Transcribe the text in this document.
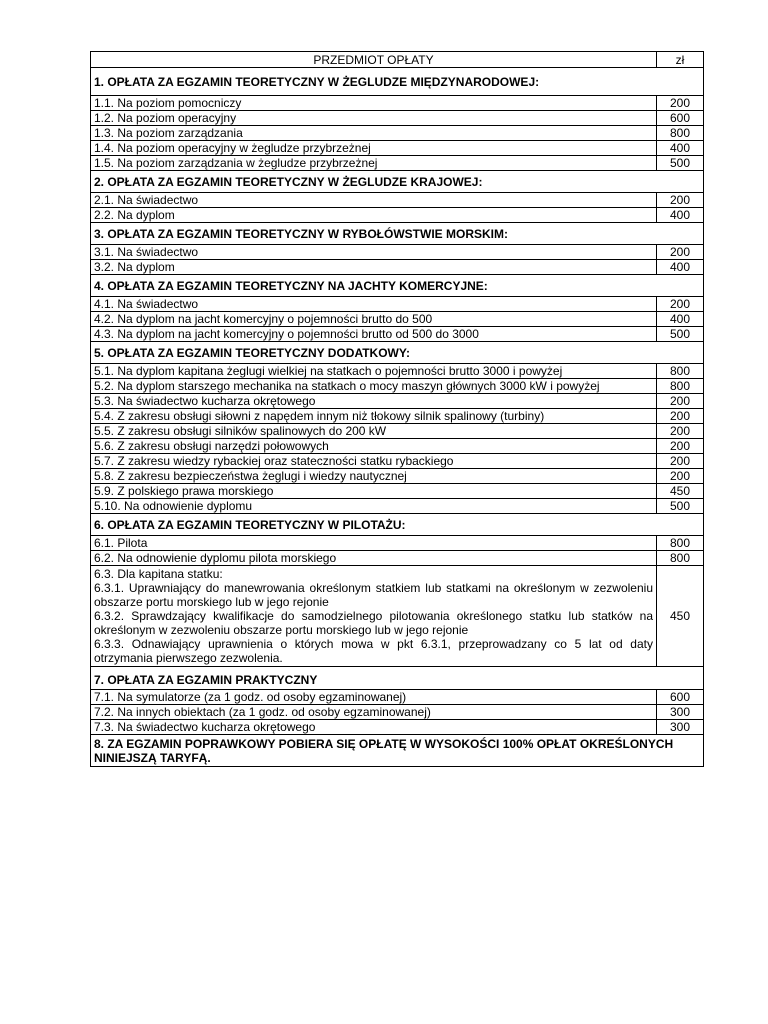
PRZEDMIOT OPŁATY	zł
1. OPŁATA ZA EGZAMIN TEORETYCZNY W ŻEGLUDZE MIĘDZYNARODOWEJ:	
1.1. Na poziom pomocniczy	200
1.2. Na poziom operacyjny	600
1.3. Na poziom zarządzania	800
1.4. Na poziom operacyjny w żegludze przybrzeżnej	400
1.5. Na poziom zarządzania w żegludze przybrzeżnej	500
2. OPŁATA ZA EGZAMIN TEORETYCZNY W ŻEGLUDZE KRAJOWEJ:	
2.1. Na świadectwo	200
2.2. Na dyplom	400
3. OPŁATA ZA EGZAMIN TEORETYCZNY W RYBOŁÓWSTWIE MORSKIM:	
3.1. Na świadectwo	200
3.2. Na dyplom	400
4. OPŁATA ZA EGZAMIN TEORETYCZNY NA JACHTY KOMERCYJNE:	
4.1. Na świadectwo	200
4.2. Na dyplom na jacht komercyjny o pojemności brutto do 500	400
4.3. Na dyplom na jacht komercyjny o pojemności brutto od 500 do 3000	500
5. OPŁATA ZA EGZAMIN TEORETYCZNY DODATKOWY:	
5.1. Na dyplom kapitana żeglugi wielkiej na statkach o pojemności brutto 3000 i powyżej	800
5.2. Na dyplom starszego mechanika na statkach o mocy maszyn głównych 3000 kW i powyżej	800
5.3. Na świadectwo kucharza okrętowego	200
5.4. Z zakresu obsługi siłowni z napędem innym niż tłokowy silnik spalinowy (turbiny)	200
5.5. Z zakresu obsługi silników spalinowych do 200 kW	200
5.6. Z zakresu obsługi narzędzi połowowych	200
5.7. Z zakresu wiedzy rybackiej oraz stateczności statku rybackiego	200
5.8. Z zakresu bezpieczeństwa żeglugi i wiedzy nautycznej	200
5.9. Z polskiego prawa morskiego	450
5.10. Na odnowienie dyplomu	500
6. OPŁATA ZA EGZAMIN TEORETYCZNY W PILOTAŻU:	
6.1. Pilota	800
6.2. Na odnowienie dyplomu pilota morskiego	800

6.3. Dla kapitana statku:
6.3.1. Uprawniający do manewrowania określonym statkiem lub statkami na określonym w zezwoleniu obszarze portu morskiego lub w jego rejonie
6.3.2. Sprawdzający kwalifikacje do samodzielnego pilotowania określonego statku lub statków na określonym w zezwoleniu obszarze portu morskiego lub w jego rejonie
6.3.3. Odnawiający uprawnienia o których mowa w pkt 6.3.1, przeprowadzany co 5 lat od daty otrzymania pierwszego zezwolenia.	450
7. OPŁATA ZA EGZAMIN PRAKTYCZNY	
7.1. Na symulatorze (za 1 godz. od osoby egzaminowanej)	600
7.2. Na innych obiektach (za 1 godz. od osoby egzaminowanej)	300
7.3. Na świadectwo kucharza okrętowego	300
8. ZA EGZAMIN POPRAWKOWY POBIERA SIĘ OPŁATĘ W WYSOKOŚCI 100% OPŁAT OKREŚLONYCH NINIEJSZĄ TARYFĄ.	
